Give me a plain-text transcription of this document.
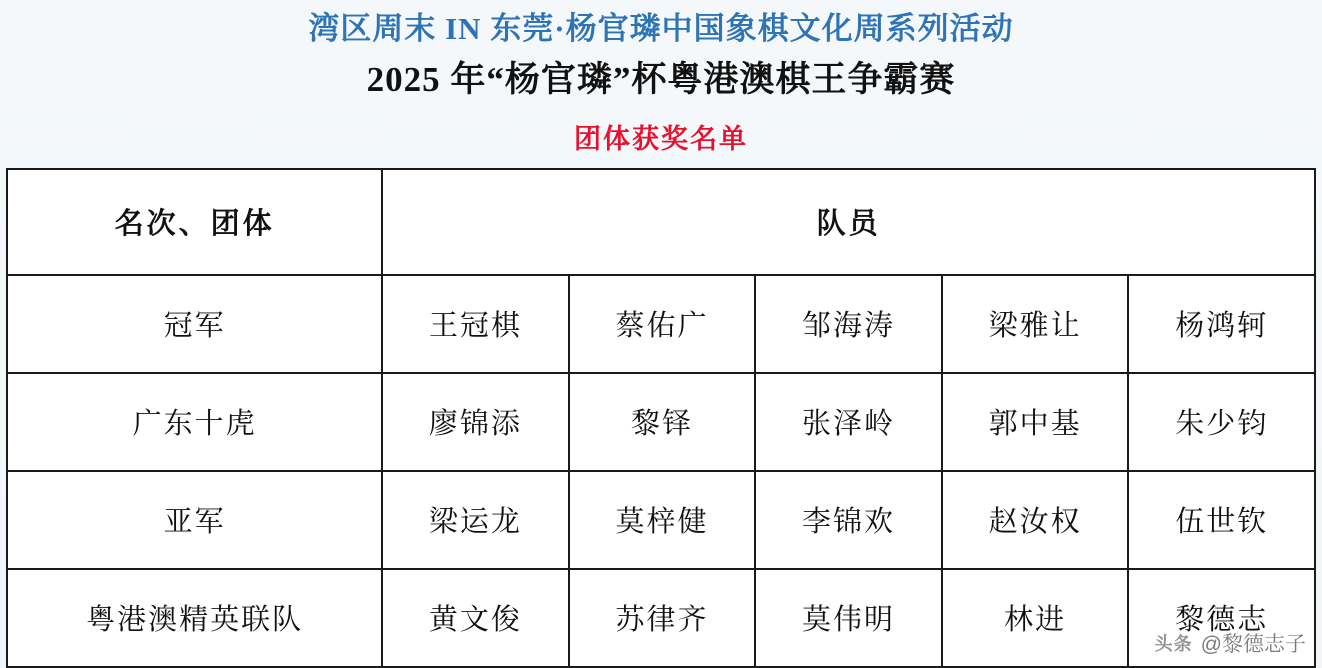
湾区周末 IN 东莞·杨官璘中国象棋文化周系列活动
2025 年“杨官璘”杯粤港澳棋王争霸赛
团体获奖名单
名次、团体	队员				
冠军	王冠棋	蔡佑广	邹海涛	梁雅让	杨鸿轲
广东十虎	廖锦添	黎铎	张泽岭	郭中基	朱少钧
亚军	梁运龙	莫梓健	李锦欢	赵汝权	伍世钦
粤港澳精英联队	黄文俊	苏律齐	莫伟明	林进	黎德志
头条 @黎德志子
